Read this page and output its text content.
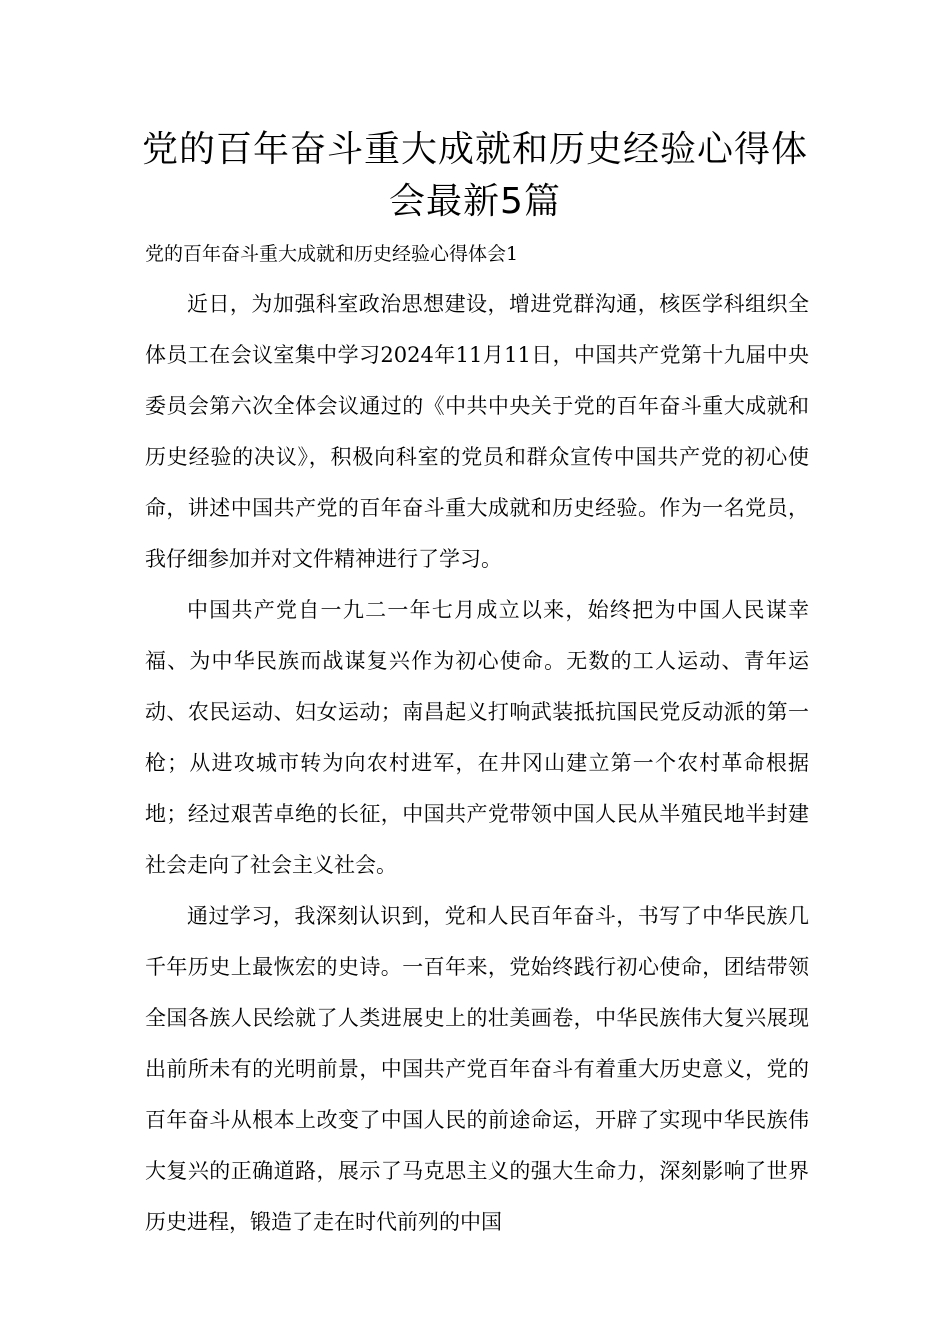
党的百年奋斗重大成就和历史经验心得体会最新5篇

党的百年奋斗重大成就和历史经验心得体会1

近日，为加强科室政治思想建设，增进党群沟通，核医学科组织全体员工在会议室集中学习2024年11月11日，中国共产党第十九届中央委员会第六次全体会议通过的《中共中央关于党的百年奋斗重大成就和历史经验的决议》，积极向科室的党员和群众宣传中国共产党的初心使命，讲述中国共产党的百年奋斗重大成就和历史经验。作为一名党员，我仔细参加并对文件精神进行了学习。

中国共产党自一九二一年七月成立以来，始终把为中国人民谋幸福、为中华民族而战谋复兴作为初心使命。无数的工人运动、青年运动、农民运动、妇女运动；南昌起义打响武装抵抗国民党反动派的第一枪；从进攻城市转为向农村进军，在井冈山建立第一个农村革命根据地；经过艰苦卓绝的长征，中国共产党带领中国人民从半殖民地半封建社会走向了社会主义社会。

通过学习，我深刻认识到，党和人民百年奋斗，书写了中华民族几千年历史上最恢宏的史诗。一百年来，党始终践行初心使命，团结带领全国各族人民绘就了人类进展史上的壮美画卷，中华民族伟大复兴展现出前所未有的光明前景，中国共产党百年奋斗有着重大历史意义，党的百年奋斗从根本上改变了中国人民的前途命运，开辟了实现中华民族伟大复兴的正确道路，展示了马克思主义的强大生命力，深刻影响了世界历史进程，锻造了走在时代前列的中国
